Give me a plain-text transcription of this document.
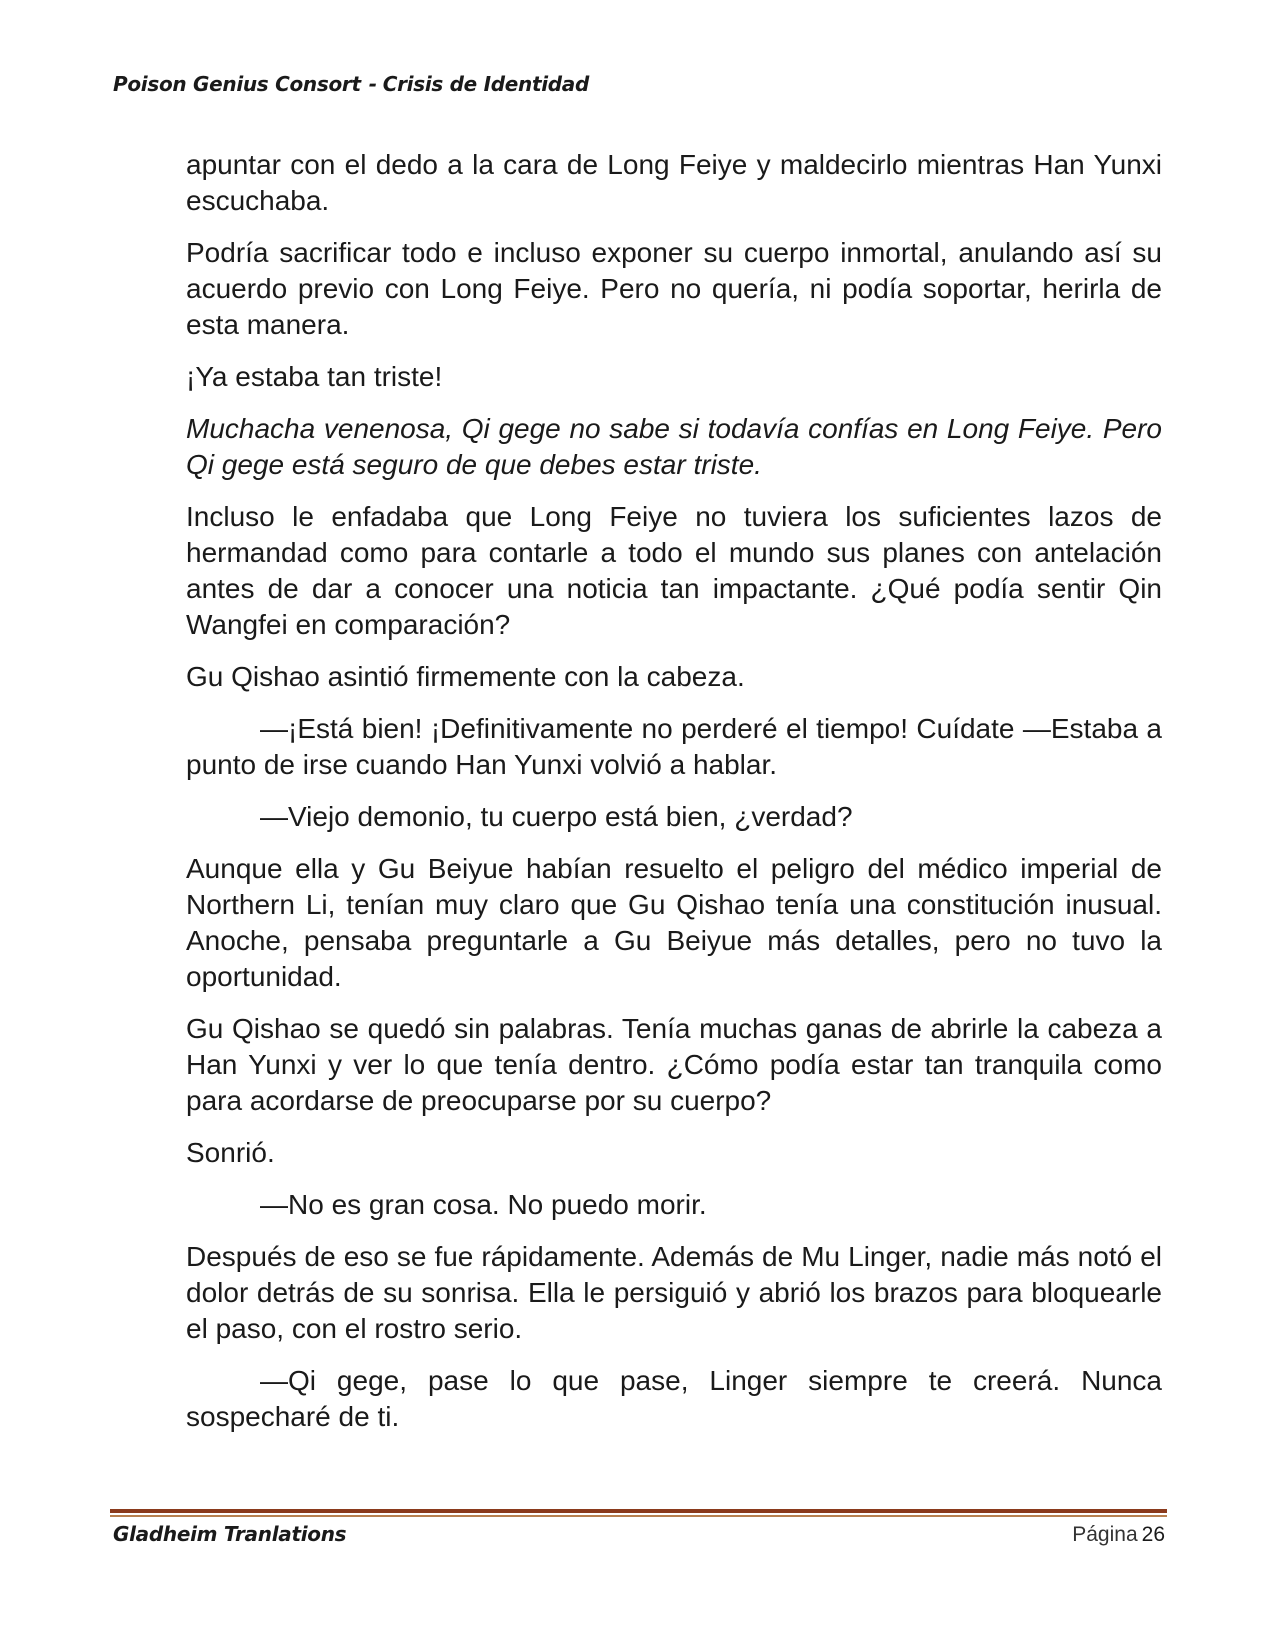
Poison Genius Consort - Crisis de Identidad

apuntar con el dedo a la cara de Long Feiye y maldecirlo mientras Han Yunxi escuchaba.

Podría sacrificar todo e incluso exponer su cuerpo inmortal, anulando así su acuerdo previo con Long Feiye. Pero no quería, ni podía soportar, herirla de esta manera.

¡Ya estaba tan triste!

Muchacha venenosa, Qi gege no sabe si todavía confías en Long Feiye. Pero Qi gege está seguro de que debes estar triste.

Incluso le enfadaba que Long Feiye no tuviera los suficientes lazos de hermandad como para contarle a todo el mundo sus planes con antelación antes de dar a conocer una noticia tan impactante. ¿Qué podía sentir Qin Wangfei en comparación?

Gu Qishao asintió firmemente con la cabeza.

—¡Está bien! ¡Definitivamente no perderé el tiempo! Cuídate —Estaba a punto de irse cuando Han Yunxi volvió a hablar.

—Viejo demonio, tu cuerpo está bien, ¿verdad?

Aunque ella y Gu Beiyue habían resuelto el peligro del médico imperial de Northern Li, tenían muy claro que Gu Qishao tenía una constitución inusual. Anoche, pensaba preguntarle a Gu Beiyue más detalles, pero no tuvo la oportunidad.

Gu Qishao se quedó sin palabras. Tenía muchas ganas de abrirle la cabeza a Han Yunxi y ver lo que tenía dentro. ¿Cómo podía estar tan tranquila como para acordarse de preocuparse por su cuerpo?

Sonrió.

—No es gran cosa. No puedo morir.

Después de eso se fue rápidamente. Además de Mu Linger, nadie más notó el dolor detrás de su sonrisa. Ella le persiguió y abrió los brazos para bloquearle el paso, con el rostro serio.

—Qi gege, pase lo que pase, Linger siempre te creerá. Nunca sospecharé de ti.

Gladheim Tranlations	Página 26
